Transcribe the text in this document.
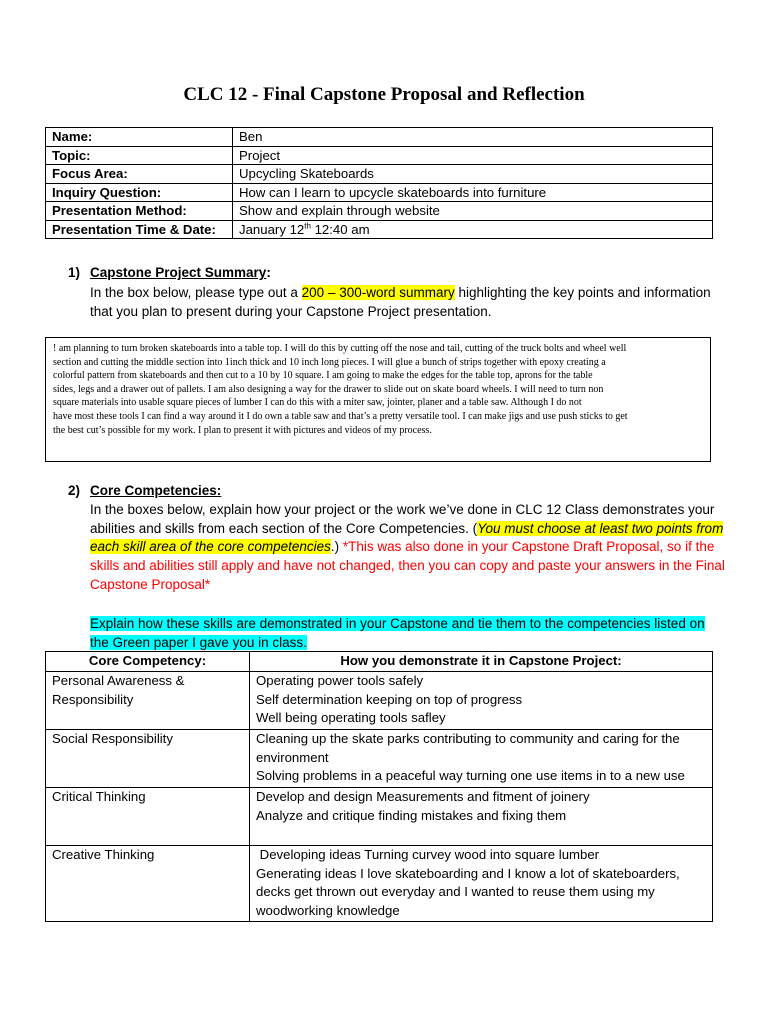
CLC 12 - Final Capstone Proposal and Reflection
Name:	Ben
Topic:	Project
Focus Area:	Upcycling Skateboards
Inquiry Question:	How can I learn to upcycle skateboards into furniture
Presentation Method:	Show and explain through website
Presentation Time & Date:	January 12th 12:40 am
1) Capstone Project Summary:
In the box below, please type out a 200 – 300-word summary highlighting the key points and information that you plan to present during your Capstone Project presentation.
! am planning to turn broken skateboards into a table top. I will do this by cutting off the nose and tail, cutting of the truck bolts and wheel well
section and cutting the middle section into 1inch thick and 10 inch long pieces. I will glue a bunch of strips together with epoxy creating a
colorful pattern from skateboards and then cut to a 10 by 10 square. I am going to make the edges for the table top, aprons for the table
sides, legs and a drawer out of pallets. I am also designing a way for the drawer to slide out on skate board wheels. I will need to turn non
square materials into usable square pieces of lumber I can do this with a miter saw, jointer, planer and a table saw. Although I do not
have most these tools I can find a way around it I do own a table saw and that’s a pretty versatile tool. I can make jigs and use push sticks to get
the best cut’s possible for my work. I plan to present it with pictures and videos of my process.
2) Core Competencies:
In the boxes below, explain how your project or the work we’ve done in CLC 12 Class demonstrates your abilities and skills from each section of the Core Competencies. (You must choose at least two points from each skill area of the core competencies.) *This was also done in your Capstone Draft Proposal, so if the skills and abilities still apply and have not changed, then you can copy and paste your answers in the Final Capstone Proposal*
Explain how these skills are demonstrated in your Capstone and tie them to the competencies listed on the Green paper I gave you in class.
Core Competency:	How you demonstrate it in Capstone Project:
Personal Awareness & Responsibility	Operating power tools safely
Self determination keeping on top of progress
Well being operating tools safley

Social Responsibility	Cleaning up the skate parks contributing to community and caring for the environment
Solving problems in a peaceful way turning one use items in to a new use

Critical Thinking	Develop and design Measurements and fitment of joinery
Analyze and critique finding mistakes and fixing them

Creative Thinking	Developing ideas Turning curvey wood into square lumber
Generating ideas I love skateboarding and I know a lot of skateboarders, decks get thrown out everyday and I wanted to reuse them using my woodworking knowledge
